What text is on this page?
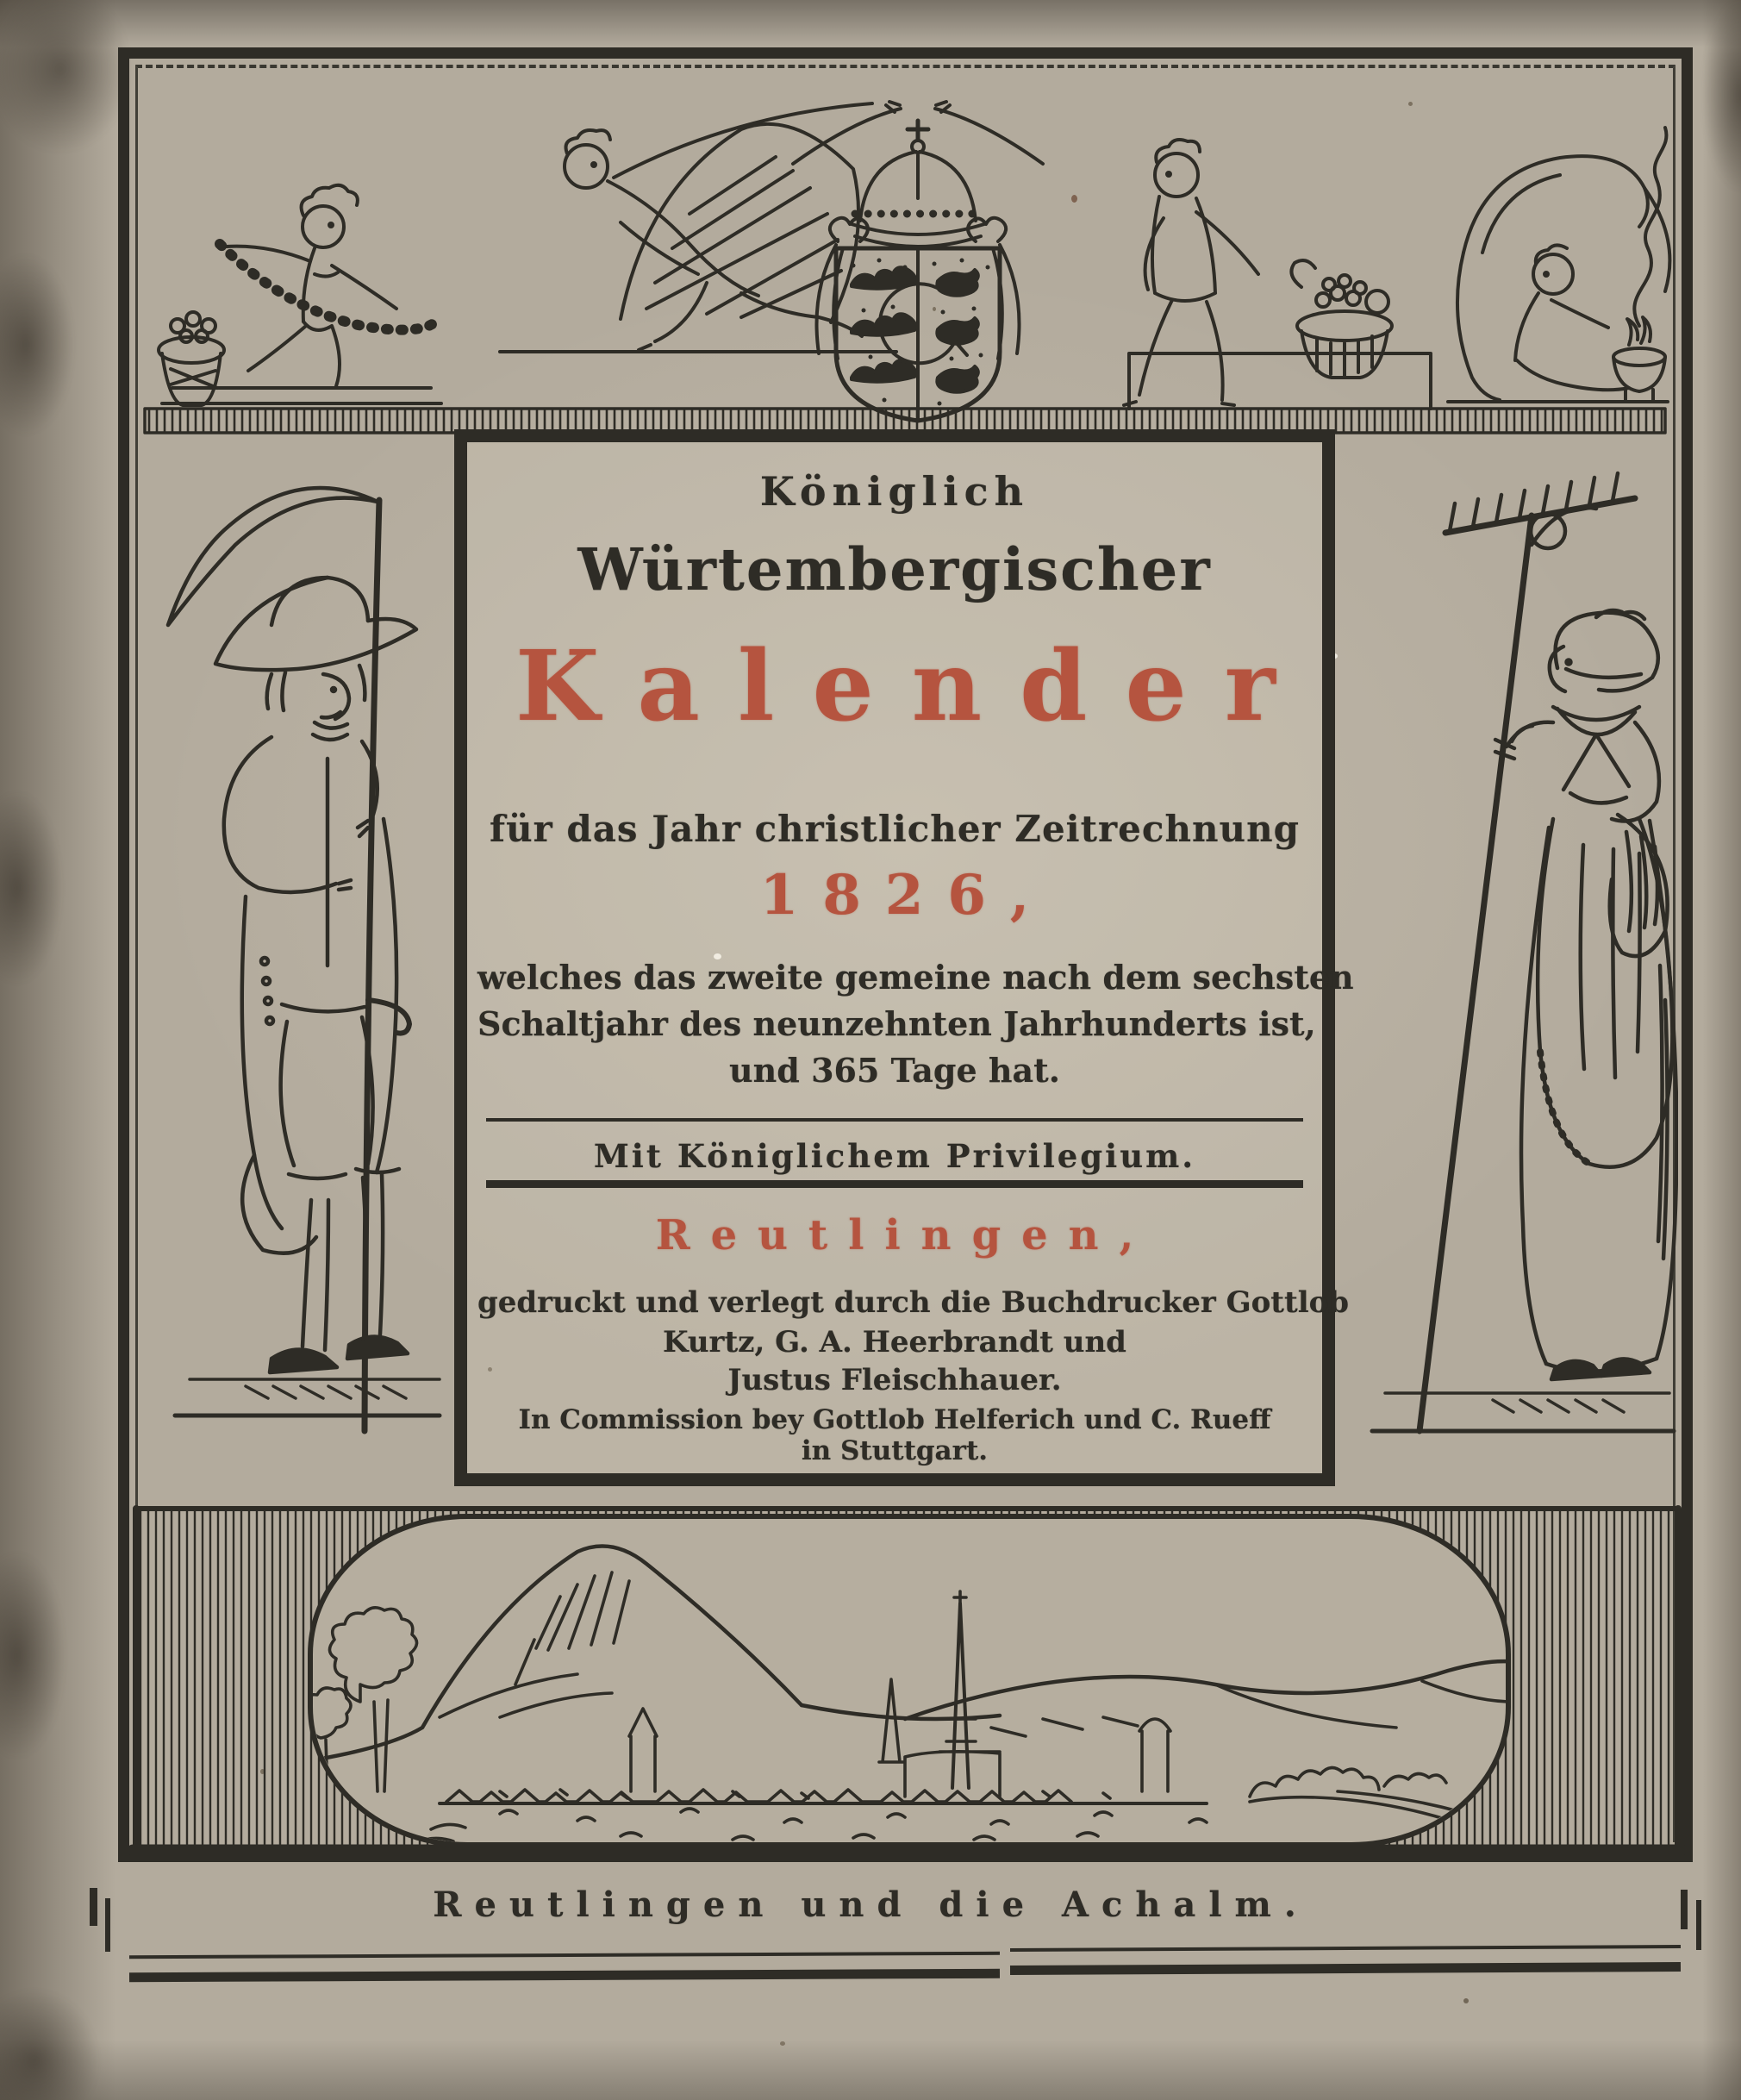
Königlich
Würtembergischer
Kalender
für das Jahr christlicher Zeitrechnung
1826,
welches das zweite gemeine nach dem sechsten
Schaltjahr des neunzehnten Jahrhunderts ist,
und 365 Tage hat.
Mit Königlichem Privilegium.
Reutlingen,
gedruckt und verlegt durch die Buchdrucker Gottlob
Kurtz, G. A. Heerbrandt und
Justus Fleischhauer.
In Commission bey Gottlob Helferich und C. Rueff
in Stuttgart.
Reutlingen und die Achalm.
